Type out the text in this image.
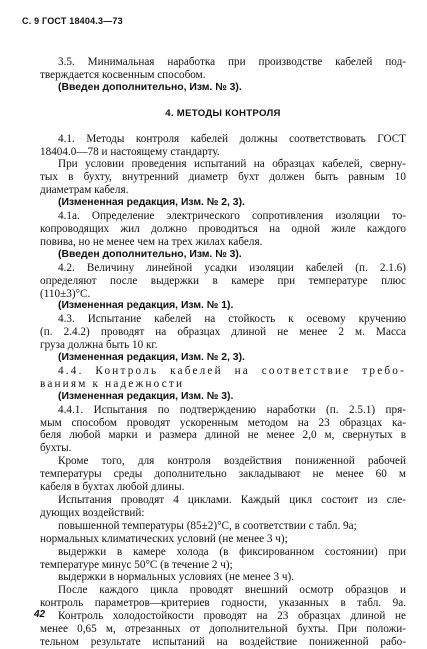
С. 9 ГОСТ 18404.3—73
3.5. Минимальная наработка при производстве кабелей под-
тверждается косвенным способом.
(Введен дополнительно, Изм. № 3).
4. МЕТОДЫ КОНТРОЛЯ
4.1. Методы контроля кабелей должны соответствовать ГОСТ
18404.0—78 и настоящему стандарту.
При условии проведения испытаний на образцах кабелей, сверну-
тых в бухту, внутренний диаметр бухт должен быть равным 10
диаметрам кабеля.
(Измененная редакция, Изм. № 2, 3).
4.1а. Определение электрического сопротивления изоляции то-
копроводящих жил должно проводиться на одной жиле каждого
повива, но не менее чем на трех жилах кабеля.
(Введен дополнительно, Изм. № 3).
4.2. Величину линейной усадки изоляции кабелей (п. 2.1.6)
определяют после выдержки в камере при температуре плюс
(110±3)°С.
(Измененная редакция, Изм. № 1).
4.3. Испытание кабелей на стойкость к осевому кручению
(п. 2.4.2) проводят на образцах длиной не менее 2 м. Масса
груза должна быть 10 кг.
(Измененная редакция, Изм. № 2, 3).
4.4. Контроль кабелей на соответствие требо-
ваниям к надежности
(Измененная редакция, Изм. № 3).
4.4.1. Испытания по подтверждению наработки (п. 2.5.1) пря-
мым способом проводят ускоренным методом на 23 образцах ка-
беля любой марки и размера длиной не менее 2,0 м, свернутых в
бухты.
Кроме того, для контроля воздействия пониженной рабочей
температуры среды дополнительно закладывают не менее 60 м
кабеля в бухтах любой длины.
Испытания проводят 4 циклами. Каждый цикл состоит из сле-
дующих воздействий:
повышенной температуры (85±2)°С, в соответствии с табл. 9а;
нормальных климатических условий (не менее 3 ч);
выдержки в камере холода (в фиксированном состоянии) при
температуре минус 50°С (в течение 2 ч);
выдержки в нормальных условиях (не менее 3 ч).
После каждого цикла проводят внешний осмотр образцов и
контроль параметров—критериев годности, указанных в табл. 9а.
Контроль холодостойкости проводят на 23 образцах длиной не
менее 0,65 м, отрезанных от дополнительной бухты. При положи-
тельном результате испытаний на воздействие пониженной рабо-
42
